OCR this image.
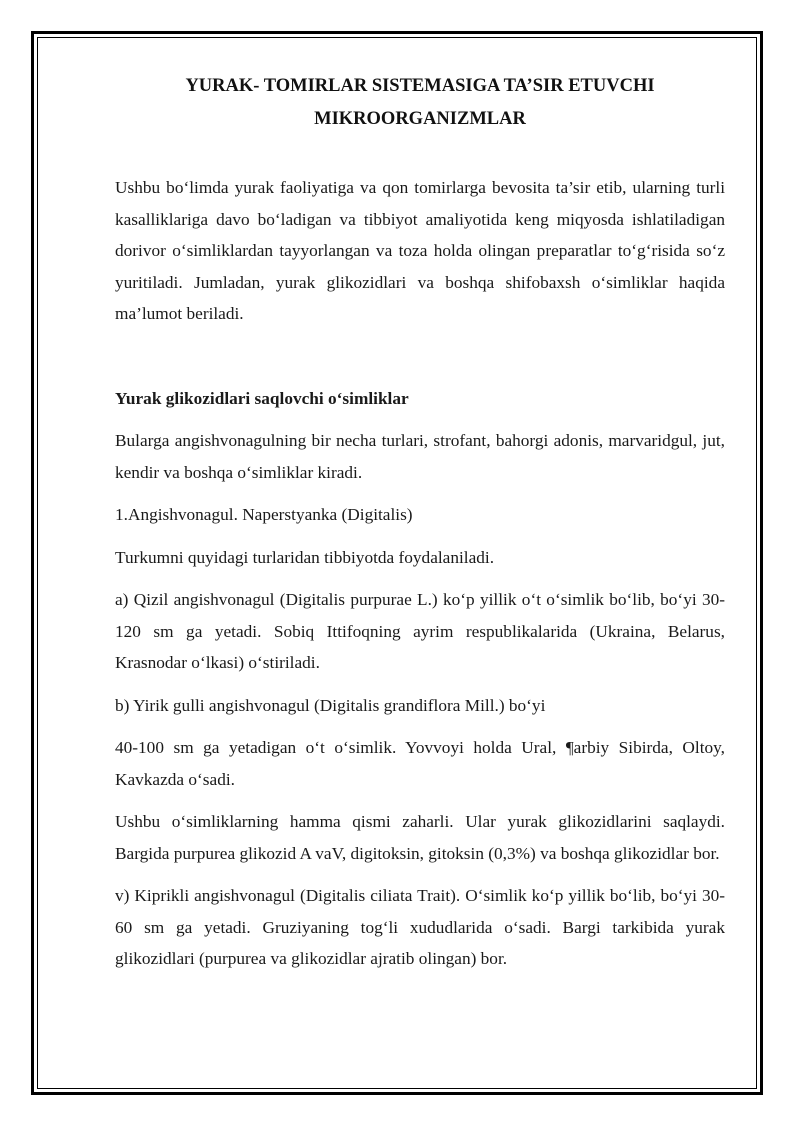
YURAK- TOMIRLAR SISTEMASIGA TA’SIR ETUVCHI
MIKROORGANIZMLAR

Ushbu bo‘limda yurak faoliyatiga va qon tomirlarga bevosita ta’sir etib, ularning turli kasalliklariga davo bo‘ladigan va tibbiyot amaliyotida keng miqyosda ishlatiladigan dorivor o‘simliklardan tayyorlangan va toza holda olingan preparatlar to‘g‘risida so‘z yuritiladi. Jumladan, yurak glikozidlari va boshqa shifobaxsh o‘simliklar haqida ma’lumot beriladi.

Yurak glikozidlari saqlovchi o‘simliklar

Bularga angishvonagulning bir necha turlari, strofant, bahorgi adonis, marvaridgul, jut, kendir va boshqa o‘simliklar kiradi.

1.Angishvonagul. Naperstyanka (Digitalis)

Turkumni quyidagi turlaridan tibbiyotda foydalaniladi.

a) Qizil angishvonagul (Digitalis purpurae L.) ko‘p yillik o‘t o‘simlik bo‘lib, bo‘yi 30-120 sm ga yetadi. Sobiq Ittifoqning ayrim respublikalarida (Ukraina, Belarus, Krasnodar o‘lkasi) o‘stiriladi.

b) Yirik gulli angishvonagul (Digitalis grandiflora Mill.) bo‘yi

40-100 sm ga yetadigan o‘t o‘simlik. Yovvoyi holda Ural, ¶arbiy Sibirda, Oltoy, Kavkazda o‘sadi.

Ushbu o‘simliklarning hamma qismi zaharli. Ular yurak glikozidlarini saqlaydi. Bargida purpurea glikozid A vaV, digitoksin, gitoksin (0,3%) va boshqa glikozidlar bor.

v) Kiprikli angishvonagul (Digitalis ciliata Trait). O‘simlik ko‘p yillik bo‘lib, bo‘yi 30-60 sm ga yetadi. Gruziyaning tog‘li xududlarida o‘sadi. Bargi tarkibida yurak glikozidlari (purpurea va glikozidlar ajratib olingan) bor.
